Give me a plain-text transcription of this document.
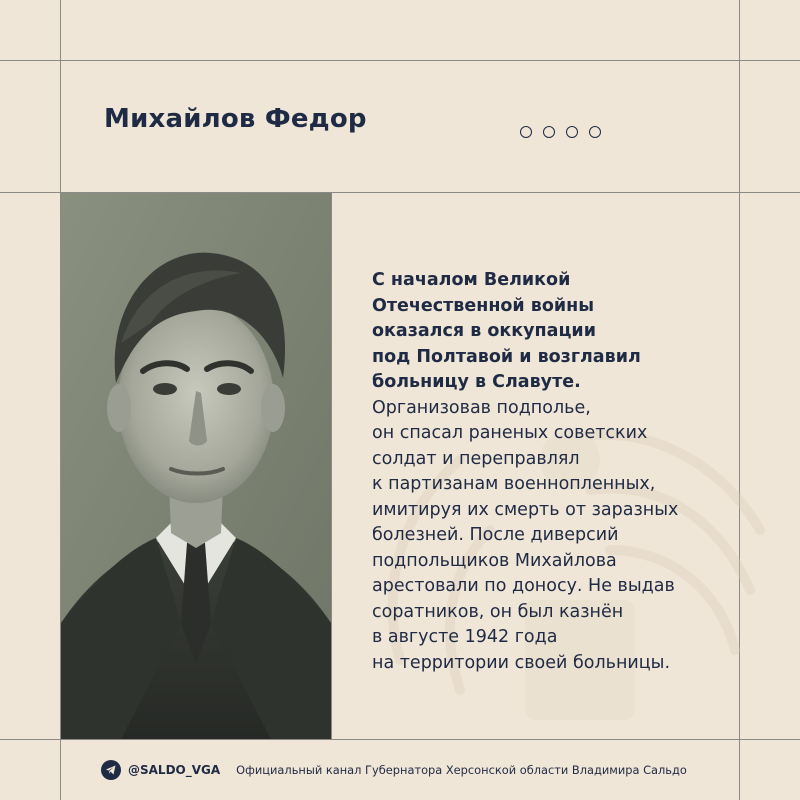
Михайлов Федор
С началом Великой
Отечественной войны
оказался в оккупации
под Полтавой и возглавил
больницу в Славуте.
Организовав подполье,
он спасал раненых советских
солдат и переправлял
к партизанам военнопленных,
имитируя их смерть от заразных
болезней. После диверсий
подпольщиков Михайлова
арестовали по доносу. Не выдав
соратников, он был казнён
в августе 1942 года
на территории своей больницы.
@SALDO_VGA Официальный канал Губернатора Херсонской области Владимира Сальдо
